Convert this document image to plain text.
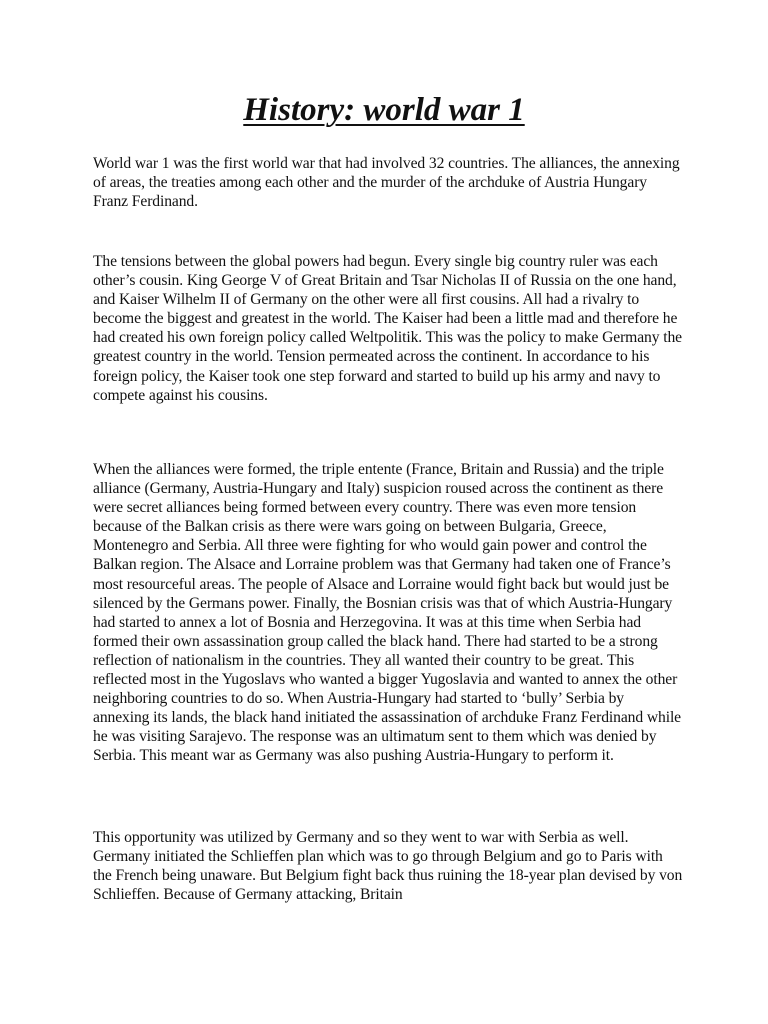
History: world war 1

World war 1 was the first world war that had involved 32 countries. The alliances, the annexing of areas, the treaties among each other and the murder of the archduke of Austria Hungary Franz Ferdinand.

The tensions between the global powers had begun. Every single big country ruler was each other’s cousin. King George V of Great Britain and Tsar Nicholas II of Russia on the one hand, and Kaiser Wilhelm II of Germany on the other were all first cousins. All had a rivalry to become the biggest and greatest in the world. The Kaiser had been a little mad and therefore he had created his own foreign policy called Weltpolitik. This was the policy to make Germany the greatest country in the world. Tension permeated across the continent. In accordance to his foreign policy, the Kaiser took one step forward and started to build up his army and navy to compete against his cousins.

When the alliances were formed, the triple entente (France, Britain and Russia) and the triple alliance (Germany, Austria-Hungary and Italy) suspicion roused across the continent as there were secret alliances being formed between every country. There was even more tension because of the Balkan crisis as there were wars going on between Bulgaria, Greece, Montenegro and Serbia. All three were fighting for who would gain power and control the Balkan region. The Alsace and Lorraine problem was that Germany had taken one of France’s most resourceful areas. The people of Alsace and Lorraine would fight back but would just be silenced by the Germans power. Finally, the Bosnian crisis was that of which Austria-Hungary had started to annex a lot of Bosnia and Herzegovina. It was at this time when Serbia had formed their own assassination group called the black hand. There had started to be a strong reflection of nationalism in the countries. They all wanted their country to be great. This reflected most in the Yugoslavs who wanted a bigger Yugoslavia and wanted to annex the other neighboring countries to do so. When Austria-Hungary had started to ‘bully’ Serbia by annexing its lands, the black hand initiated the assassination of archduke Franz Ferdinand while he was visiting Sarajevo. The response was an ultimatum sent to them which was denied by Serbia. This meant war as Germany was also pushing Austria-Hungary to perform it.

This opportunity was utilized by Germany and so they went to war with Serbia as well. Germany initiated the Schlieffen plan which was to go through Belgium and go to Paris with the French being unaware. But Belgium fight back thus ruining the 18-year plan devised by von Schlieffen. Because of Germany attacking, Britain
